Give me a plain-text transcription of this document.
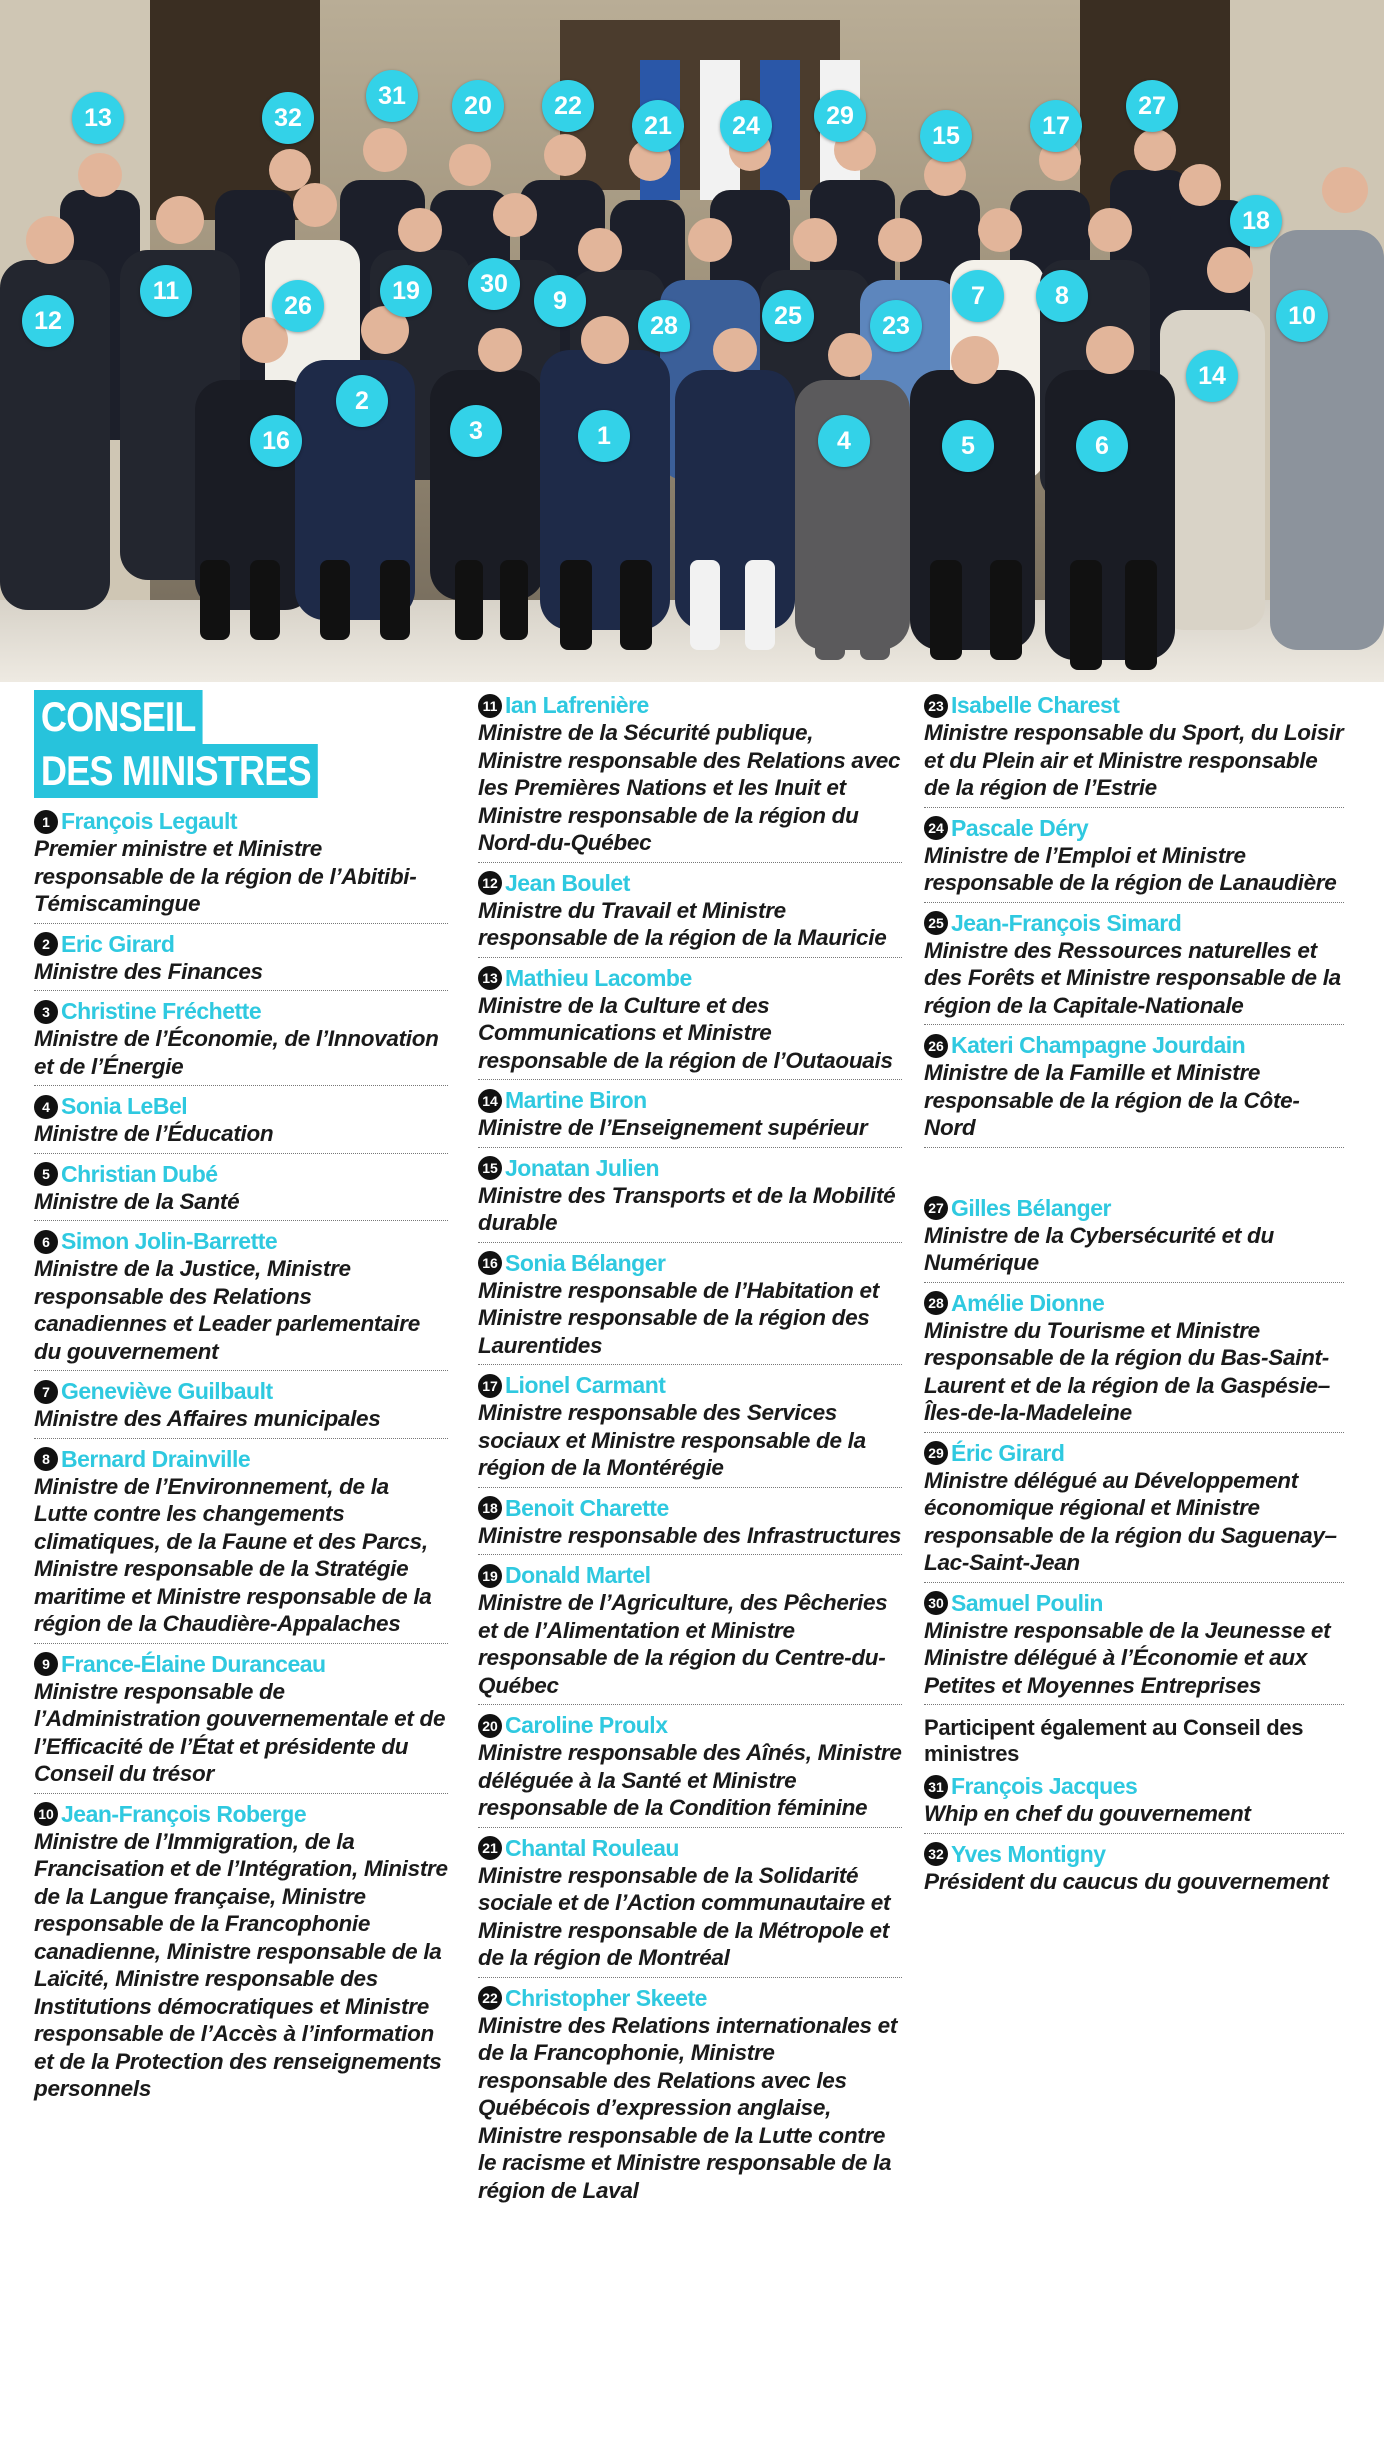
13	32
31	20	22
21	24	29
15	17
27
18
12
11
26
19	30
9
28	25	23
7	8
10
14
16
2
3	1	4	5	6
CONSEIL
DES MINISTRES
1 François Legault
Premier ministre et Ministre responsable de la région de l’Abitibi-Témiscamingue
2 Eric Girard
Ministre des Finances
3 Christine Fréchette
Ministre de l’Économie, de l’Innovation et de l’Énergie
4 Sonia LeBel
Ministre de l’Éducation
5 Christian Dubé
Ministre de la Santé
6 Simon Jolin-Barrette
Ministre de la Justice, Ministre responsable des Relations canadiennes et Leader parlementaire du gouvernement
7 Geneviève Guilbault
Ministre des Affaires municipales
8 Bernard Drainville
Ministre de l’Environnement, de la Lutte contre les changements climatiques, de la Faune et des Parcs, Ministre responsable de la Stratégie maritime et Ministre responsable de la région de la Chaudière-Appalaches
9 France-Élaine Duranceau
Ministre responsable de l’Administration gouvernementale et de l’Efficacité de l’État et présidente du Conseil du trésor
10 Jean-François Roberge
Ministre de l’Immigration, de la Francisation et de l’Intégration, Ministre de la Langue française, Ministre responsable de la Francophonie canadienne, Ministre responsable de la Laïcité, Ministre responsable des Institutions démocratiques et Ministre responsable de l’Accès à l’information et de la Protection des renseignements personnels
11 Ian Lafrenière
Ministre de la Sécurité publique, Ministre responsable des Relations avec les Premières Nations et les Inuit et Ministre responsable de la région du Nord-du-Québec
12 Jean Boulet
Ministre du Travail et Ministre responsable de la région de la Mauricie
13 Mathieu Lacombe
Ministre de la Culture et des Communications et Ministre responsable de la région de l’Outaouais
14 Martine Biron
Ministre de l’Enseignement supérieur
15 Jonatan Julien
Ministre des Transports et de la Mobilité durable
16 Sonia Bélanger
Ministre responsable de l’Habitation et Ministre responsable de la région des Laurentides
17 Lionel Carmant
Ministre responsable des Services sociaux et Ministre responsable de la région de la Montérégie
18 Benoit Charette
Ministre responsable des Infrastructures
19 Donald Martel
Ministre de l’Agriculture, des Pêcheries et de l’Alimentation et Ministre responsable de la région du Centre-du-Québec
20 Caroline Proulx
Ministre responsable des Aînés, Ministre déléguée à la Santé et Ministre responsable de la Condition féminine
21 Chantal Rouleau
Ministre responsable de la Solidarité sociale et de l’Action communautaire et Ministre responsable de la Métropole et de la région de Montréal
22 Christopher Skeete
Ministre des Relations internationales et de la Francophonie, Ministre responsable des Relations avec les Québécois d’expression anglaise, Ministre responsable de la Lutte contre le racisme et Ministre responsable de la région de Laval
23 Isabelle Charest
Ministre responsable du Sport, du Loisir et du Plein air et Ministre responsable de la région de l’Estrie
24 Pascale Déry
Ministre de l’Emploi et Ministre responsable de la région de Lanaudière
25 Jean-François Simard
Ministre des Ressources naturelles et des Forêts et Ministre responsable de la région de la Capitale-Nationale
26 Kateri Champagne Jourdain
Ministre de la Famille et Ministre responsable de la région de la Côte-Nord
27 Gilles Bélanger
Ministre de la Cybersécurité et du Numérique
28 Amélie Dionne
Ministre du Tourisme et Ministre responsable de la région du Bas-Saint-Laurent et de la région de la Gaspésie–Îles-de-la-Madeleine
29 Éric Girard
Ministre délégué au Développement économique régional et Ministre responsable de la région du Saguenay–Lac-Saint-Jean
30 Samuel Poulin
Ministre responsable de la Jeunesse et Ministre délégué à l’Économie et aux Petites et Moyennes Entreprises
Participent également au Conseil des ministres
31 François Jacques
Whip en chef du gouvernement
32 Yves Montigny
Président du caucus du gouvernement
